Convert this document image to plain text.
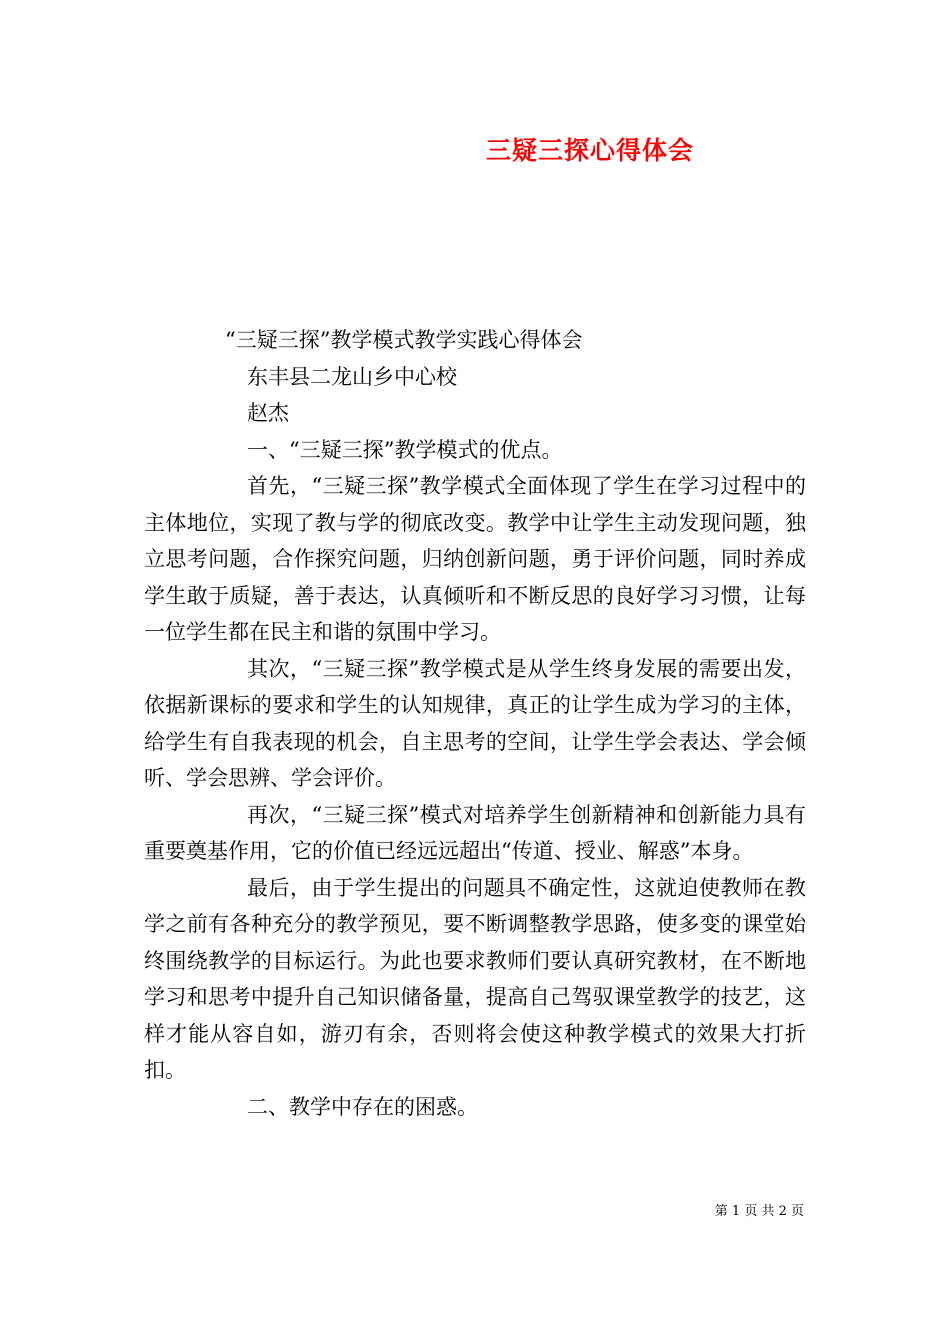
三疑三探心得体会

“三疑三探”教学模式教学实践心得体会

东丰县二龙山乡中心校

赵杰

一、“三疑三探”教学模式的优点。

首先，“三疑三探”教学模式全面体现了学生在学习过程中的主体地位，实现了教与学的彻底改变。教学中让学生主动发现问题，独立思考问题，合作探究问题，归纳创新问题，勇于评价问题，同时养成学生敢于质疑，善于表达，认真倾听和不断反思的良好学习习惯，让每一位学生都在民主和谐的氛围中学习。

其次，“三疑三探”教学模式是从学生终身发展的需要出发，依据新课标的要求和学生的认知规律，真正的让学生成为学习的主体，给学生有自我表现的机会，自主思考的空间，让学生学会表达、学会倾听、学会思辨、学会评价。

再次，“三疑三探”模式对培养学生创新精神和创新能力具有重要奠基作用，它的价值已经远远超出“传道、授业、解惑”本身。

最后，由于学生提出的问题具不确定性，这就迫使教师在教学之前有各种充分的教学预见，要不断调整教学思路，使多变的课堂始终围绕教学的目标运行。为此也要求教师们要认真研究教材，在不断地学习和思考中提升自己知识储备量，提高自己驾驭课堂教学的技艺，这样才能从容自如，游刃有余，否则将会使这种教学模式的效果大打折扣。

二、教学中存在的困惑。

第 1 页 共 2 页
